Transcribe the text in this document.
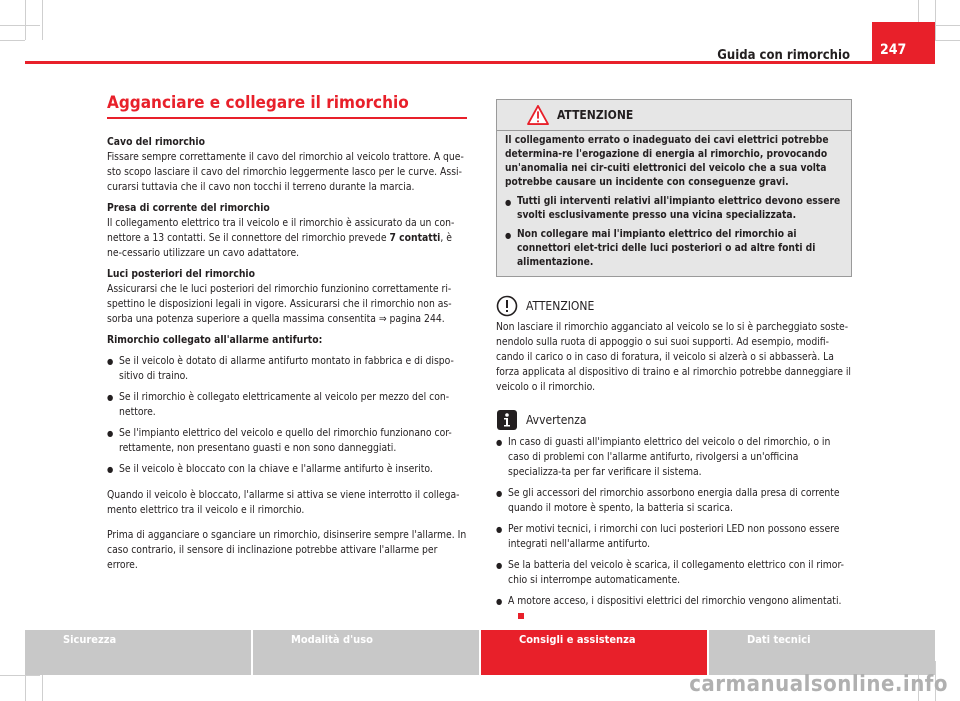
Guida con rimorchio	247
Agganciare e collegare il rimorchio

Cavo del rimorchio
Fissare sempre correttamente il cavo del rimorchio al veicolo trattore. A que-sto scopo lasciare il cavo del rimorchio leggermente lasco per le curve. Assi-curarsi tuttavia che il cavo non tocchi il terreno durante la marcia.

Presa di corrente del rimorchio
Il collegamento elettrico tra il veicolo e il rimorchio è assicurato da un con-nettore a 13 contatti. Se il connettore del rimorchio prevede 7 contatti, è ne-cessario utilizzare un cavo adattatore.

Luci posteriori del rimorchio
Assicurarsi che le luci posteriori del rimorchio funzionino correttamente ri-spettino le disposizioni legali in vigore. Assicurarsi che il rimorchio non as-sorba una potenza superiore a quella massima consentita ⇒ pagina 244.

Rimorchio collegato all'allarme antifurto:

● Se il veicolo è dotato di allarme antifurto montato in fabbrica e di dispo-sitivo di traino.
● Se il rimorchio è collegato elettricamente al veicolo per mezzo del con-nettore.
● Se l'impianto elettrico del veicolo e quello del rimorchio funzionano cor-rettamente, non presentano guasti e non sono danneggiati.
● Se il veicolo è bloccato con la chiave e l'allarme antifurto è inserito.

Quando il veicolo è bloccato, l'allarme si attiva se viene interrotto il collega-mento elettrico tra il veicolo e il rimorchio.

Prima di agganciare o sganciare un rimorchio, disinserire sempre l'allarme. In caso contrario, il sensore di inclinazione potrebbe attivare l'allarme per errore.

ATTENZIONE

Il collegamento errato o inadeguato dei cavi elettrici potrebbe determina-re l'erogazione di energia al rimorchio, provocando un'anomalia nei cir-cuiti elettronici del veicolo che a sua volta potrebbe causare un incidente con conseguenze gravi.

● Tutti gli interventi relativi all'impianto elettrico devono essere svolti esclusivamente presso una vicina specializzata.
● Non collegare mai l'impianto elettrico del rimorchio ai connettori elet-trici delle luci posteriori o ad altre fonti di alimentazione.
ATTENZIONE

Non lasciare il rimorchio agganciato al veicolo se lo si è parcheggiato soste-nendolo sulla ruota di appoggio o sui suoi supporti. Ad esempio, modifi-cando il carico o in caso di foratura, il veicolo si alzerà o si abbasserà. La forza applicata al dispositivo di traino e al rimorchio potrebbe danneggiare il veicolo o il rimorchio.

Avvertenza
● In caso di guasti all'impianto elettrico del veicolo o del rimorchio, o in caso di problemi con l'allarme antifurto, rivolgersi a un'officina specializza-ta per far verificare il sistema.
● Se gli accessori del rimorchio assorbono energia dalla presa di corrente quando il motore è spento, la batteria si scarica.
● Per motivi tecnici, i rimorchi con luci posteriori LED non possono essere integrati nell'allarme antifurto.
● Se la batteria del veicolo è scarica, il collegamento elettrico con il rimor-chio si interrompe automaticamente.
● A motore acceso, i dispositivi elettrici del rimorchio vengono alimentati.
Sicurezza	Modalità d'uso	Consigli e assistenza	Dati tecnici
carmanualsonline.info
